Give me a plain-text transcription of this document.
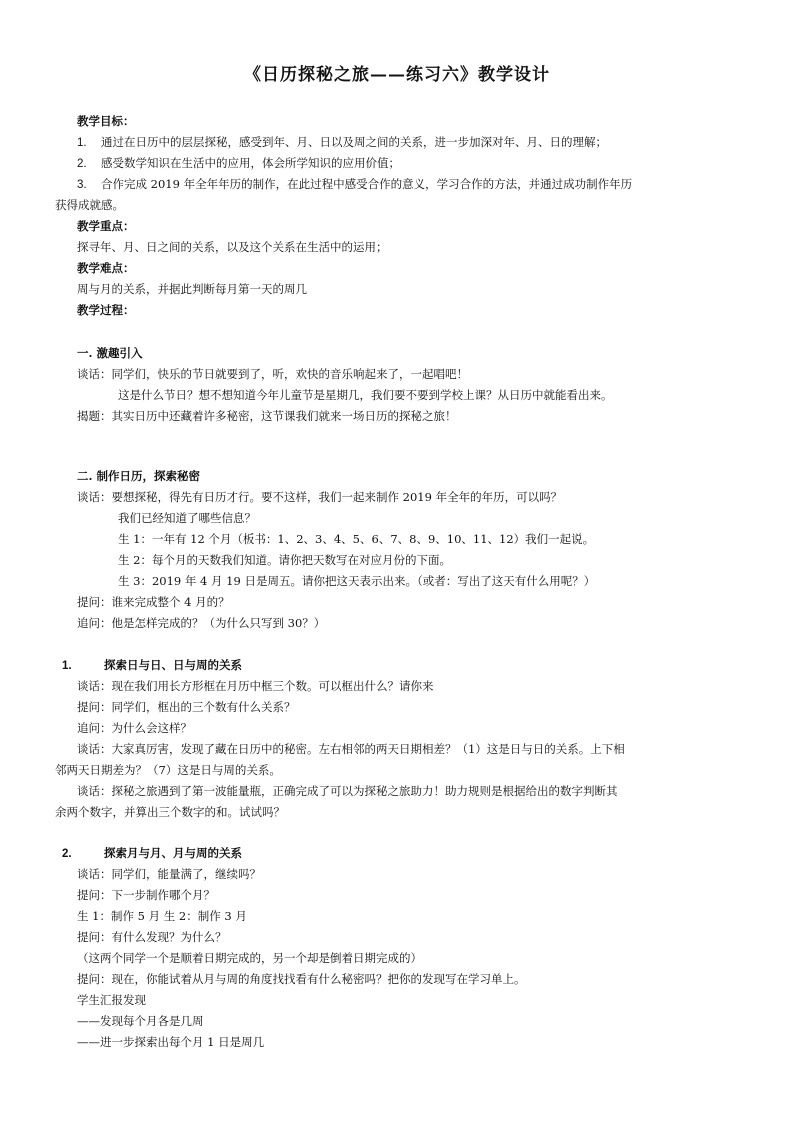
《日历探秘之旅——练习六》教学设计
教学目标：
1. 通过在日历中的层层探秘，感受到年、月、日以及周之间的关系，进一步加深对年、月、日的理解；
2. 感受数学知识在生活中的应用，体会所学知识的应用价值；
3. 合作完成 2019 年全年年历的制作，在此过程中感受合作的意义，学习合作的方法，并通过成功制作年历
获得成就感。
教学重点：
探寻年、月、日之间的关系，以及这个关系在生活中的运用；
教学难点：
周与月的关系，并据此判断每月第一天的周几
教学过程：
一. 激趣引入
谈话：同学们，快乐的节日就要到了，听，欢快的音乐响起来了，一起唱吧！
这是什么节日？想不想知道今年儿童节是星期几，我们要不要到学校上课？从日历中就能看出来。
揭题：其实日历中还藏着许多秘密，这节课我们就来一场日历的探秘之旅！
二. 制作日历，探索秘密
谈话：要想探秘，得先有日历才行。要不这样，我们一起来制作 2019 年全年的年历，可以吗？
我们已经知道了哪些信息？
生 1：一年有 12 个月（板书：1、2、3、4、5、6、7、8、9、10、11、12）我们一起说。
生 2：每个月的天数我们知道。请你把天数写在对应月份的下面。
生 3：2019 年 4 月 19 日是周五。请你把这天表示出来。（或者：写出了这天有什么用呢？）
提问：谁来完成整个 4 月的？
追问：他是怎样完成的？（为什么只写到 30？）
1.	探索日与日、日与周的关系
谈话：现在我们用长方形框在月历中框三个数。可以框出什么？请你来
提问：同学们，框出的三个数有什么关系？
追问：为什么会这样？
谈话：大家真厉害，发现了藏在日历中的秘密。左右相邻的两天日期相差？（1）这是日与日的关系。上下相
邻两天日期差为？（7）这是日与周的关系。
谈话：探秘之旅遇到了第一波能量瓶，正确完成了可以为探秘之旅助力！助力规则是根据给出的数字判断其
余两个数字，并算出三个数字的和。试试吗？
2.	探索月与月、月与周的关系
谈话：同学们，能量满了，继续吗？
提问：下一步制作哪个月？
生 1：制作 5 月 生 2：制作 3 月
提问：有什么发现？为什么？
（这两个同学一个是顺着日期完成的，另一个却是倒着日期完成的）
提问：现在，你能试着从月与周的角度找找看有什么秘密吗？把你的发现写在学习单上。
学生汇报发现
——发现每个月各是几周
——进一步探索出每个月 1 日是周几
